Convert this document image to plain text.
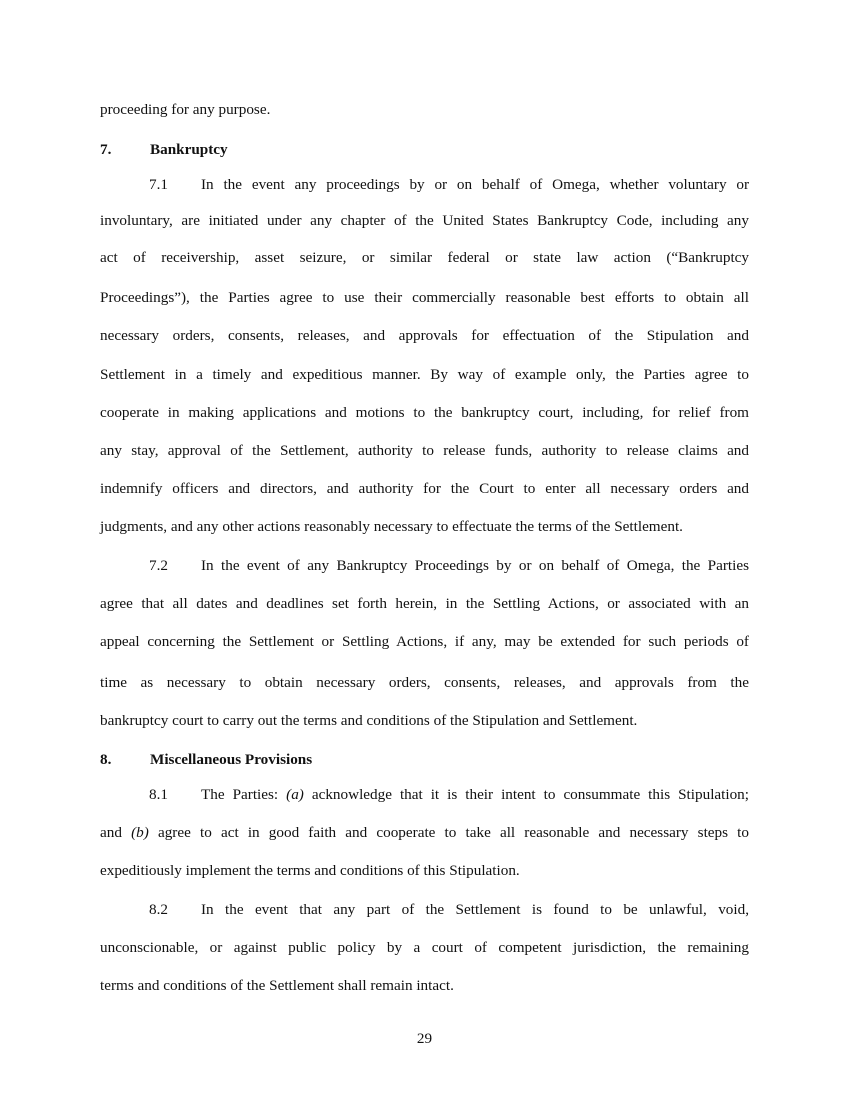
proceeding for any purpose.
7.	Bankruptcy
7.1 In the event any proceedings by or on behalf of Omega, whether voluntary or
involuntary, are initiated under any chapter of the United States Bankruptcy Code, including any
act of receivership, asset seizure, or similar federal or state law action (“Bankruptcy
Proceedings”), the Parties agree to use their commercially reasonable best efforts to obtain all
necessary orders, consents, releases, and approvals for effectuation of the Stipulation and
Settlement in a timely and expeditious manner. By way of example only, the Parties agree to
cooperate in making applications and motions to the bankruptcy court, including, for relief from
any stay, approval of the Settlement, authority to release funds, authority to release claims and
indemnify officers and directors, and authority for the Court to enter all necessary orders and
judgments, and any other actions reasonably necessary to effectuate the terms of the Settlement.
7.2 In the event of any Bankruptcy Proceedings by or on behalf of Omega, the Parties
agree that all dates and deadlines set forth herein, in the Settling Actions, or associated with an
appeal concerning the Settlement or Settling Actions, if any, may be extended for such periods of
time as necessary to obtain necessary orders, consents, releases, and approvals from the
bankruptcy court to carry out the terms and conditions of the Stipulation and Settlement.
8.	Miscellaneous Provisions
8.1 The Parties: (a) acknowledge that it is their intent to consummate this Stipulation;
and (b) agree to act in good faith and cooperate to take all reasonable and necessary steps to
expeditiously implement the terms and conditions of this Stipulation.
8.2 In the event that any part of the Settlement is found to be unlawful, void,
unconscionable, or against public policy by a court of competent jurisdiction, the remaining
terms and conditions of the Settlement shall remain intact.
29
